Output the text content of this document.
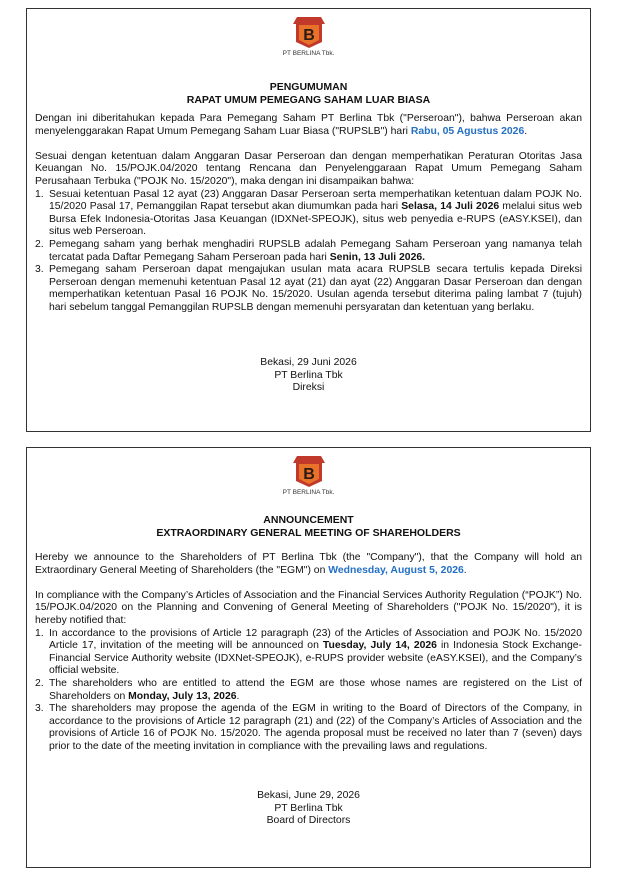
B
PT BERLINA Tbk.
PENGUMUMAN
RAPAT UMUM PEMEGANG SAHAM LUAR BIASA

Dengan ini diberitahukan kepada Para Pemegang Saham PT Berlina Tbk ("Perseroan"), bahwa Perseroan akan menyelenggarakan Rapat Umum Pemegang Saham Luar Biasa ("RUPSLB") hari Rabu, 05 Agustus 2026.

Sesuai dengan ketentuan dalam Anggaran Dasar Perseroan dan dengan memperhatikan Peraturan Otoritas Jasa Keuangan No. 15/POJK.04/2020 tentang Rencana dan Penyelenggaraan Rapat Umum Pemegang Saham Perusahaan Terbuka ("POJK No. 15/2020"), maka dengan ini disampaikan bahwa:

1. Sesuai ketentuan Pasal 12 ayat (23) Anggaran Dasar Perseroan serta memperhatikan ketentuan dalam POJK No. 15/2020 Pasal 17, Pemanggilan Rapat tersebut akan diumumkan pada hari Selasa, 14 Juli 2026 melalui situs web Bursa Efek Indonesia-Otoritas Jasa Keuangan (IDXNet-SPEOJK), situs web penyedia e-RUPS (eASY.KSEI), dan situs web Perseroan.
2. Pemegang saham yang berhak menghadiri RUPSLB adalah Pemegang Saham Perseroan yang namanya telah tercatat pada Daftar Pemegang Saham Perseroan pada hari Senin, 13 Juli 2026.
3. Pemegang saham Perseroan dapat mengajukan usulan mata acara RUPSLB secara tertulis kepada Direksi Perseroan dengan memenuhi ketentuan Pasal 12 ayat (21) dan ayat (22) Anggaran Dasar Perseroan dan dengan memperhatikan ketentuan Pasal 16 POJK No. 15/2020. Usulan agenda tersebut diterima paling lambat 7 (tujuh) hari sebelum tanggal Pemanggilan RUPSLB dengan memenuhi persyaratan dan ketentuan yang berlaku.
Bekasi, 29 Juni 2026
PT Berlina Tbk
Direksi
B
PT BERLINA Tbk.
ANNOUNCEMENT
EXTRAORDINARY GENERAL MEETING OF SHAREHOLDERS

Hereby we announce to the Shareholders of PT Berlina Tbk (the "Company"), that the Company will hold an Extraordinary General Meeting of Shareholders (the "EGM") on Wednesday, August 5, 2026.

In compliance with the Company’s Articles of Association and the Financial Services Authority Regulation (“POJK”) No. 15/POJK.04/2020 on the Planning and Convening of General Meeting of Shareholders ("POJK No. 15/2020"), it is hereby notified that:

1. In accordance to the provisions of Article 12 paragraph (23) of the Articles of Association and POJK No. 15/2020 Article 17, invitation of the meeting will be announced on Tuesday, July 14, 2026 in Indonesia Stock Exchange-Financial Service Authority website (IDXNet-SPEOJK), e-RUPS provider website (eASY.KSEI), and the Company’s official website.
2. The shareholders who are entitled to attend the EGM are those whose names are registered on the List of Shareholders on Monday, July 13, 2026.
3. The shareholders may propose the agenda of the EGM in writing to the Board of Directors of the Company, in accordance to the provisions of Article 12 paragraph (21) and (22) of the Company’s Articles of Association and the provisions of Article 16 of POJK No. 15/2020. The agenda proposal must be received no later than 7 (seven) days prior to the date of the meeting invitation in compliance with the prevailing laws and regulations.
Bekasi, June 29, 2026
PT Berlina Tbk
Board of Directors
